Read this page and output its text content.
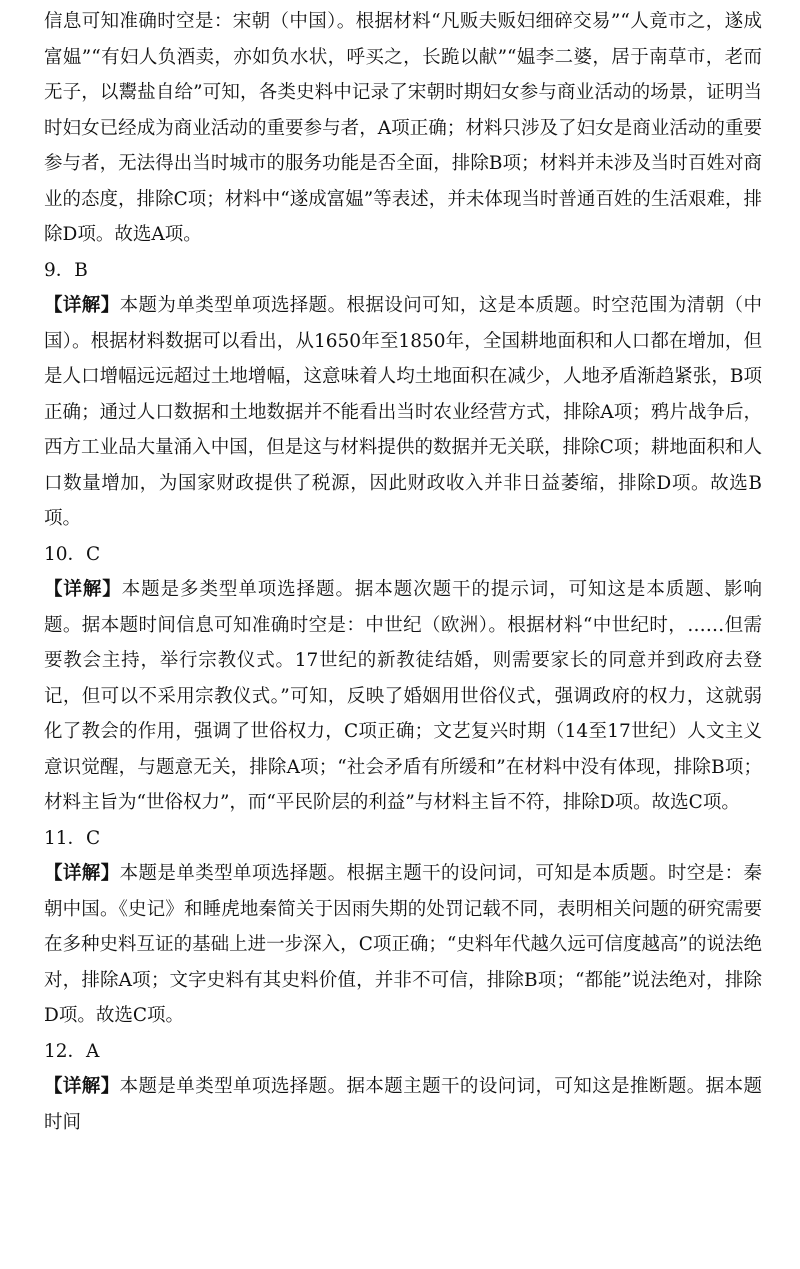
信息可知准确时空是：宋朝（中国）。根据材料“凡贩夫贩妇细碎交易”“人竟市之，遂成富媪”“有妇人负酒卖，亦如负水状，呼买之，长跪以献”“媪李二婆，居于南草市，老而无子，以鬻盐自给”可知，各类史料中记录了宋朝时期妇女参与商业活动的场景，证明当时妇女已经成为商业活动的重要参与者，A项正确；材料只涉及了妇女是商业活动的重要参与者，无法得出当时城市的服务功能是否全面，排除B项；材料并未涉及当时百姓对商业的态度，排除C项；材料中“遂成富媪”等表述，并未体现当时普通百姓的生活艰难，排除D项。故选A项。

9．B

【详解】本题为单类型单项选择题。根据设问可知，这是本质题。时空范围为清朝（中国）。根据材料数据可以看出，从1650年至1850年，全国耕地面积和人口都在增加，但是人口增幅远远超过土地增幅，这意味着人均土地面积在减少，人地矛盾渐趋紧张，B项正确；通过人口数据和土地数据并不能看出当时农业经营方式，排除A项；鸦片战争后，西方工业品大量涌入中国，但是这与材料提供的数据并无关联，排除C项；耕地面积和人口数量增加，为国家财政提供了税源，因此财政收入并非日益萎缩，排除D项。故选B项。

10．C

【详解】本题是多类型单项选择题。据本题次题干的提示词，可知这是本质题、影响题。据本题时间信息可知准确时空是：中世纪（欧洲）。根据材料“中世纪时，……但需要教会主持，举行宗教仪式。17世纪的新教徒结婚，则需要家长的同意并到政府去登记，但可以不采用宗教仪式。”可知，反映了婚姻用世俗仪式，强调政府的权力，这就弱化了教会的作用，强调了世俗权力，C项正确；文艺复兴时期（14至17世纪）人文主义意识觉醒，与题意无关，排除A项；“社会矛盾有所缓和”在材料中没有体现，排除B项；材料主旨为“世俗权力”，而“平民阶层的利益”与材料主旨不符，排除D项。故选C项。

11．C

【详解】本题是单类型单项选择题。根据主题干的设问词，可知是本质题。时空是：秦朝中国。《史记》和睡虎地秦简关于因雨失期的处罚记载不同，表明相关问题的研究需要在多种史料互证的基础上进一步深入，C项正确；“史料年代越久远可信度越高”的说法绝对，排除A项；文字史料有其史料价值，并非不可信，排除B项；“都能”说法绝对，排除D项。故选C项。

12．A

【详解】本题是单类型单项选择题。据本题主题干的设问词，可知这是推断题。据本题时间
